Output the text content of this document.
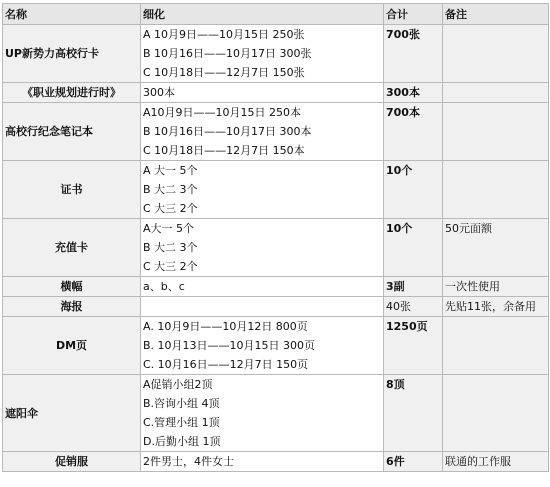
名称	细化	合计	备注
UP新势力高校行卡	A 10月9日——10月15日 250张
B 10月16日——10月17日 300张
C 10月18日——12月7日 150张	700张	
《职业规划进行时》	300本	300本	
高校行纪念笔记本	A10月9日——10月15日 250本
B 10月16日——10月17日 300本
C 10月18日——12月7日 150本	700本	
证书	A 大一 5个
B 大二 3个
C 大三 2个	10个	
充值卡	A大一 5个
B 大二 3个
C 大三 2个	10个	50元面额
横幅	a、b、c	3副	一次性使用
海报		40张	先贴11张，余备用
DM页	A. 10月9日——10月12日 800页
B. 10月13日——10月15日 300页
C. 10月16日——12月7日 150页	1250页	
遮阳伞	A促销小组2顶
B.咨询小组 4顶
C.管理小组 1顶
D.后勤小组 1顶	8顶	
促销服	2件男士，4件女士	6件	联通的工作服
